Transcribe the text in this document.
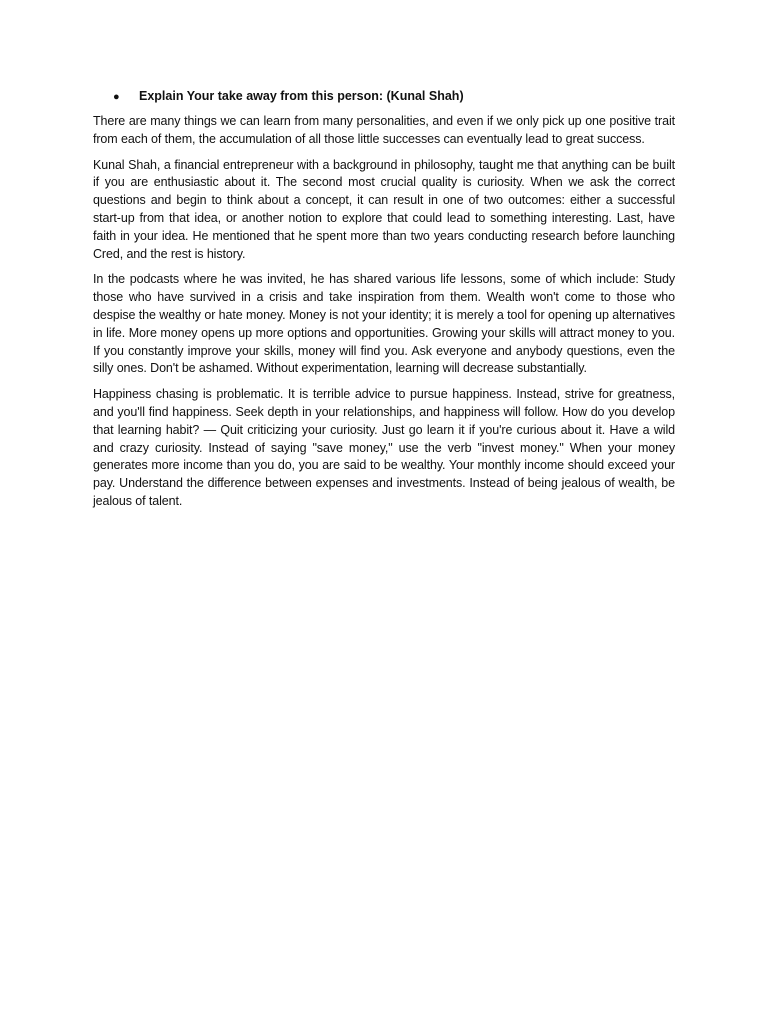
●	Explain Your take away from this person: (Kunal Shah)

There are many things we can learn from many personalities, and even if we only pick up one positive trait from each of them, the accumulation of all those little successes can eventually lead to great success.

Kunal Shah, a financial entrepreneur with a background in philosophy, taught me that anything can be built if you are enthusiastic about it. The second most crucial quality is curiosity. When we ask the correct questions and begin to think about a concept, it can result in one of two outcomes: either a successful start-up from that idea, or another notion to explore that could lead to something interesting. Last, have faith in your idea. He mentioned that he spent more than two years conducting research before launching Cred, and the rest is history.

In the podcasts where he was invited, he has shared various life lessons, some of which include: Study those who have survived in a crisis and take inspiration from them. Wealth won't come to those who despise the wealthy or hate money. Money is not your identity; it is merely a tool for opening up alternatives in life. More money opens up more options and opportunities. Growing your skills will attract money to you. If you constantly improve your skills, money will find you. Ask everyone and anybody questions, even the silly ones. Don't be ashamed. Without experimentation, learning will decrease substantially.

Happiness chasing is problematic. It is terrible advice to pursue happiness. Instead, strive for greatness, and you'll find happiness. Seek depth in your relationships, and happiness will follow. How do you develop that learning habit? — Quit criticizing your curiosity. Just go learn it if you're curious about it. Have a wild and crazy curiosity. Instead of saying "save money," use the verb "invest money." When your money generates more income than you do, you are said to be wealthy. Your monthly income should exceed your pay. Understand the difference between expenses and investments. Instead of being jealous of wealth, be jealous of talent.
